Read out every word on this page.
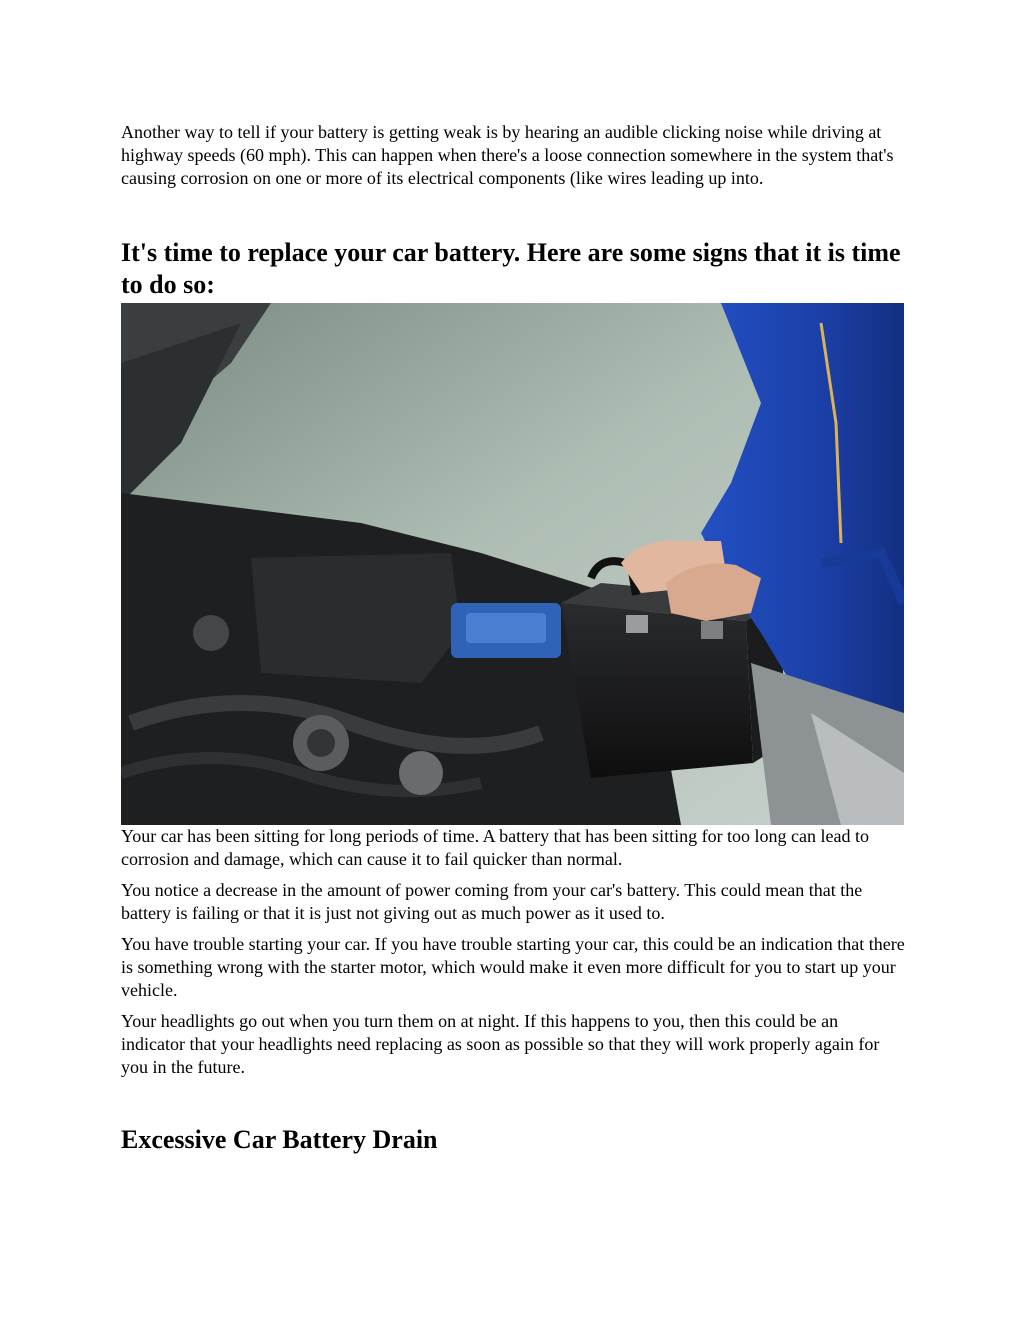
Another way to tell if your battery is getting weak is by hearing an audible clicking noise while driving at highway speeds (60 mph). This can happen when there's a loose connection somewhere in the system that's causing corrosion on one or more of its electrical components (like wires leading up into.

It's time to replace your car battery. Here are some signs that it is time to do so:

Your car has been sitting for long periods of time. A battery that has been sitting for too long can lead to corrosion and damage, which can cause it to fail quicker than normal.

You notice a decrease in the amount of power coming from your car's battery. This could mean that the battery is failing or that it is just not giving out as much power as it used to.

You have trouble starting your car. If you have trouble starting your car, this could be an indication that there is something wrong with the starter motor, which would make it even more difficult for you to start up your vehicle.

Your headlights go out when you turn them on at night. If this happens to you, then this could be an indicator that your headlights need replacing as soon as possible so that they will work properly again for you in the future.

Excessive Car Battery Drain
